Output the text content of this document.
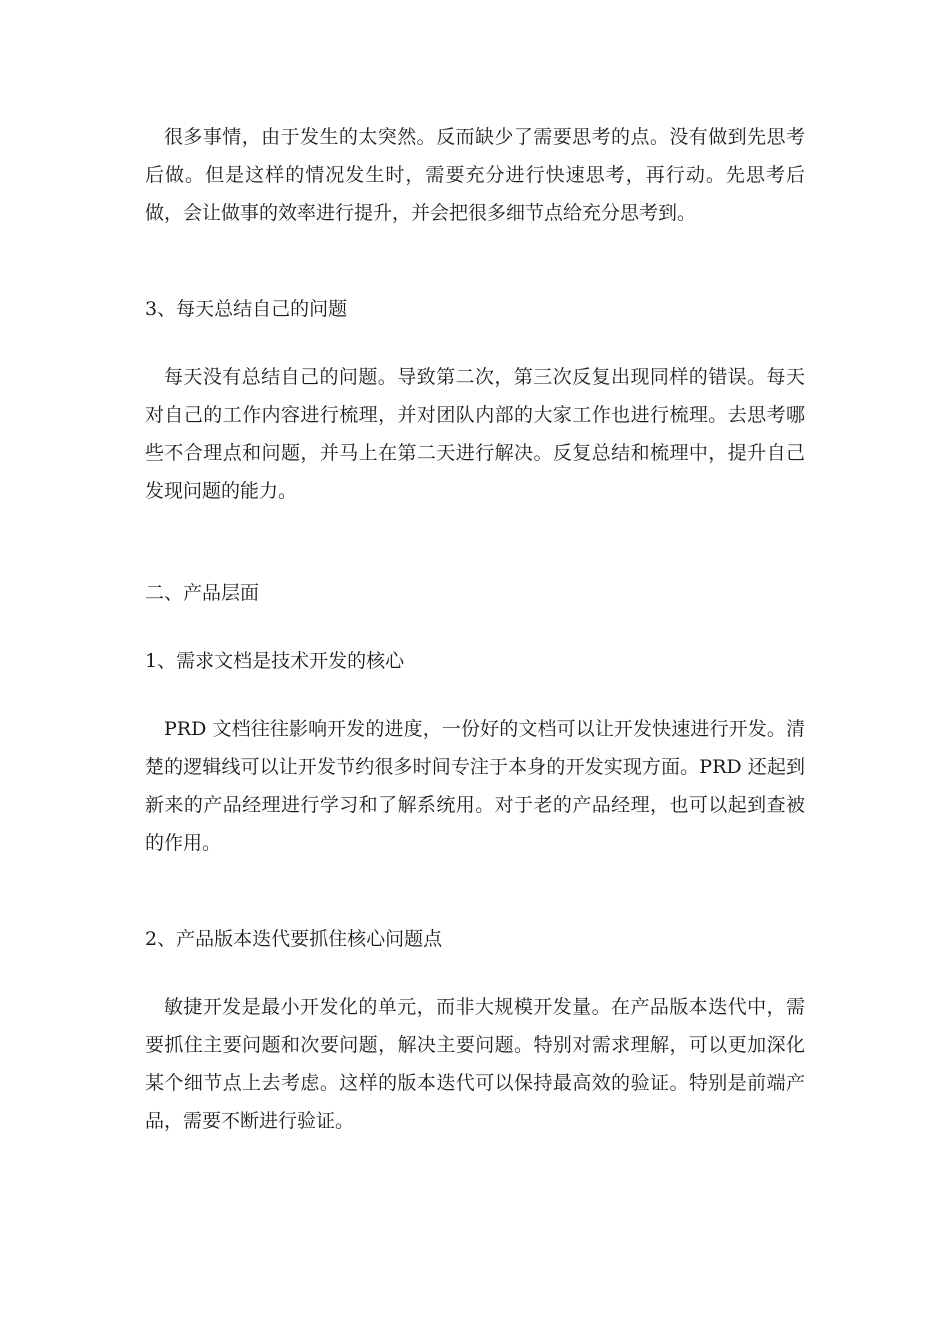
很多事情，由于发生的太突然。反而缺少了需要思考的点。没有做到先思考后做。但是这样的情况发生时，需要充分进行快速思考，再行动。先思考后做，会让做事的效率进行提升，并会把很多细节点给充分思考到。

3、每天总结自己的问题

每天没有总结自己的问题。导致第二次，第三次反复出现同样的错误。每天对自己的工作内容进行梳理，并对团队内部的大家工作也进行梳理。去思考哪些不合理点和问题，并马上在第二天进行解决。反复总结和梳理中，提升自己发现问题的能力。

二、产品层面

1、需求文档是技术开发的核心

PRD 文档往往影响开发的进度，一份好的文档可以让开发快速进行开发。清楚的逻辑线可以让开发节约很多时间专注于本身的开发实现方面。PRD 还起到新来的产品经理进行学习和了解系统用。对于老的产品经理，也可以起到查被的作用。

2、产品版本迭代要抓住核心问题点

敏捷开发是最小开发化的单元，而非大规模开发量。在产品版本迭代中，需要抓住主要问题和次要问题，解决主要问题。特别对需求理解，可以更加深化某个细节点上去考虑。这样的版本迭代可以保持最高效的验证。特别是前端产品，需要不断进行验证。
